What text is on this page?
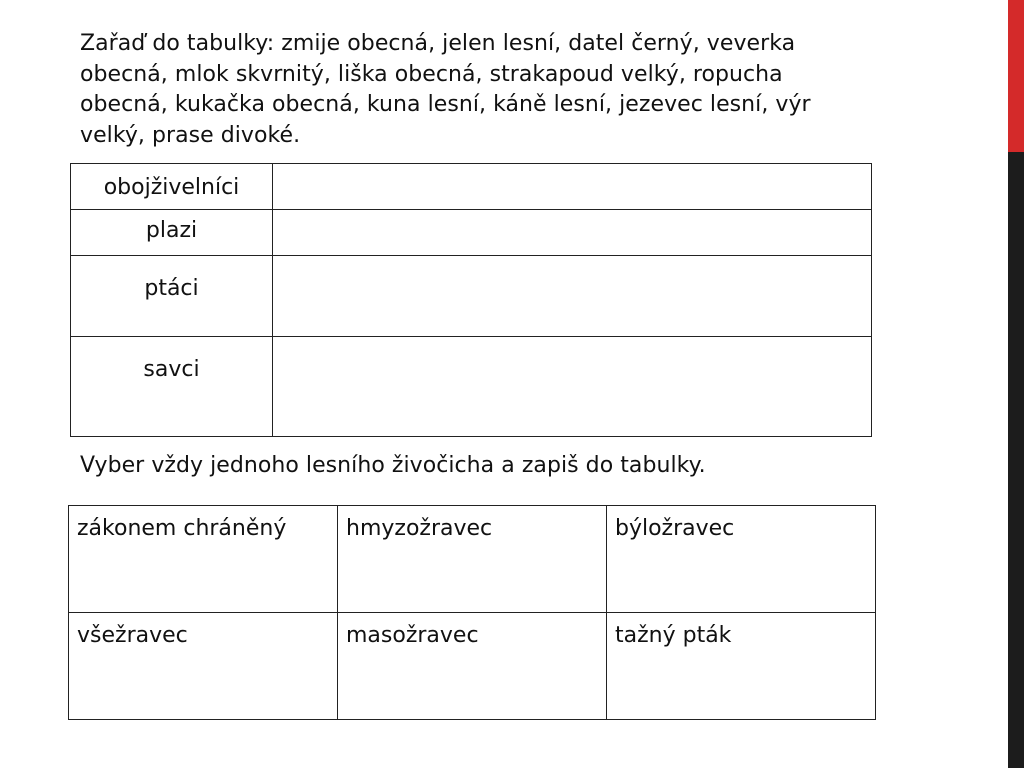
Zařaď do tabulky: zmije obecná, jelen lesní, datel černý, veverka obecná, mlok skvrnitý, liška obecná, strakapoud velký, ropucha obecná, kukačka obecná, kuna lesní, káně lesní, jezevec lesní, výr velký, prase divoké.

obojživelníci	

plazi	

ptáci	

savci	

Vyber vždy jednoho lesního živočicha a zapiš do tabulky.

zákonem chráněný	hmyzožravec	býložravec

všežravec	masožravec	tažný pták
